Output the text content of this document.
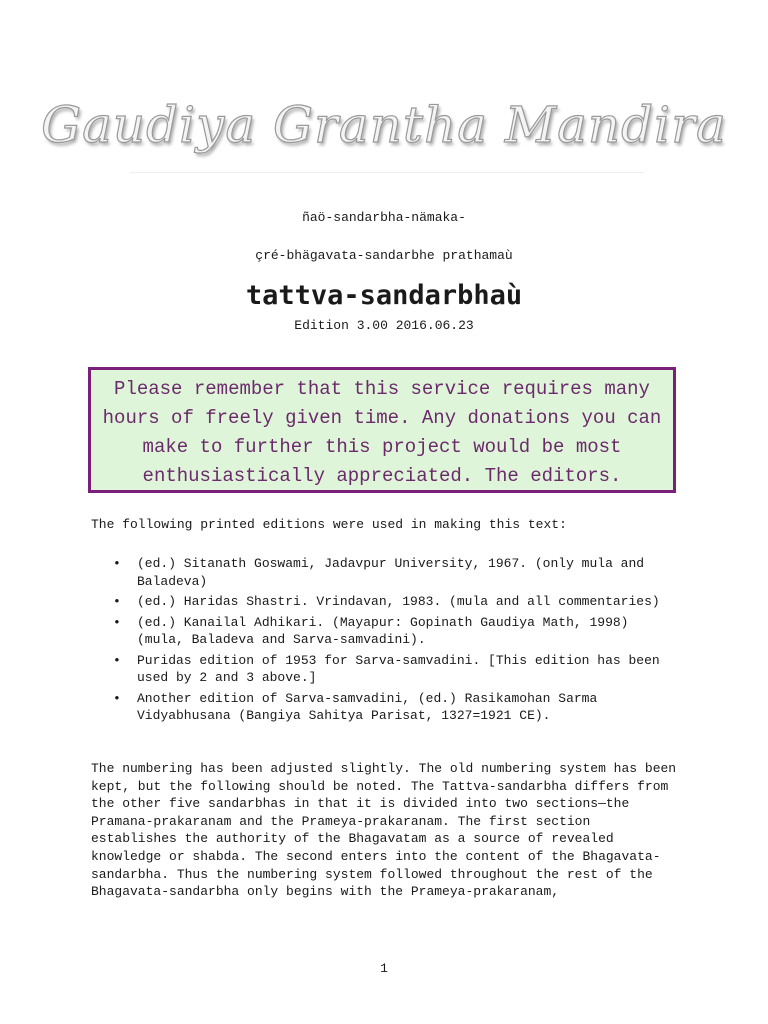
Gaudiya Grantha Mandira
ñaö-sandarbha-nämaka-
çré-bhägavata-sandarbhe prathamaù
tattva-sandarbhaù
Edition 3.00 2016.06.23
Please remember that this service requires many hours of freely given time. Any donations you can make to further this project would be most enthusiastically appreciated. The editors.
The following printed editions were used in making this text:
• (ed.) Sitanath Goswami, Jadavpur University, 1967. (only mula and Baladeva)
• (ed.) Haridas Shastri. Vrindavan, 1983. (mula and all commentaries)
• (ed.) Kanailal Adhikari. (Mayapur: Gopinath Gaudiya Math, 1998) (mula, Baladeva and Sarva-samvadini).
• Puridas edition of 1953 for Sarva-samvadini. [This edition has been used by 2 and 3 above.]
• Another edition of Sarva-samvadini, (ed.) Rasikamohan Sarma Vidyabhusana (Bangiya Sahitya Parisat, 1327=1921 CE).
The numbering has been adjusted slightly. The old numbering system has been kept, but the following should be noted. The Tattva-sandarbha differs from the other five sandarbhas in that it is divided into two sections—the Pramana-prakaranam and the Prameya-prakaranam. The first section establishes the authority of the Bhagavatam as a source of revealed knowledge or shabda. The second enters into the content of the Bhagavata-sandarbha. Thus the numbering system followed throughout the rest of the Bhagavata-sandarbha only begins with the Prameya-prakaranam,
1
